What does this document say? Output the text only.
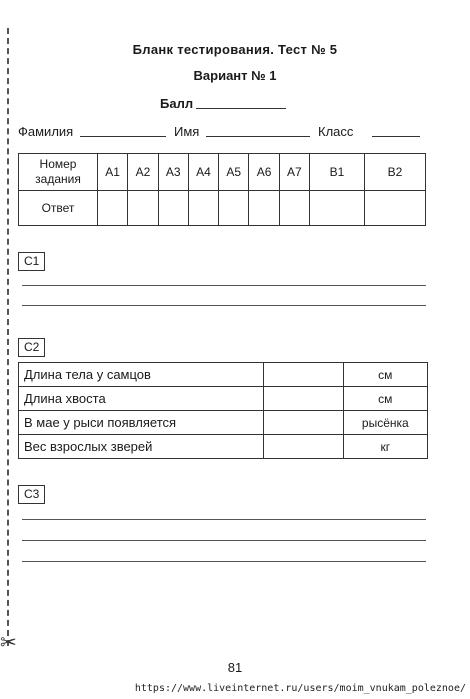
✂
Бланк тестирования. Тест № 5
Вариант № 1
Балл
Фамилия	Имя	Класс
Номер задания	A1	A2	A3	A4	A5	A6	A7	B1	B2
Ответ									
C1
C2
Длина тела у самцов		см
Длина хвоста		см
В мае у рыси появляется		рысёнка
Вес взрослых зверей		кг
C3
81
https://www.liveinternet.ru/users/moim_vnukam_poleznoe/
